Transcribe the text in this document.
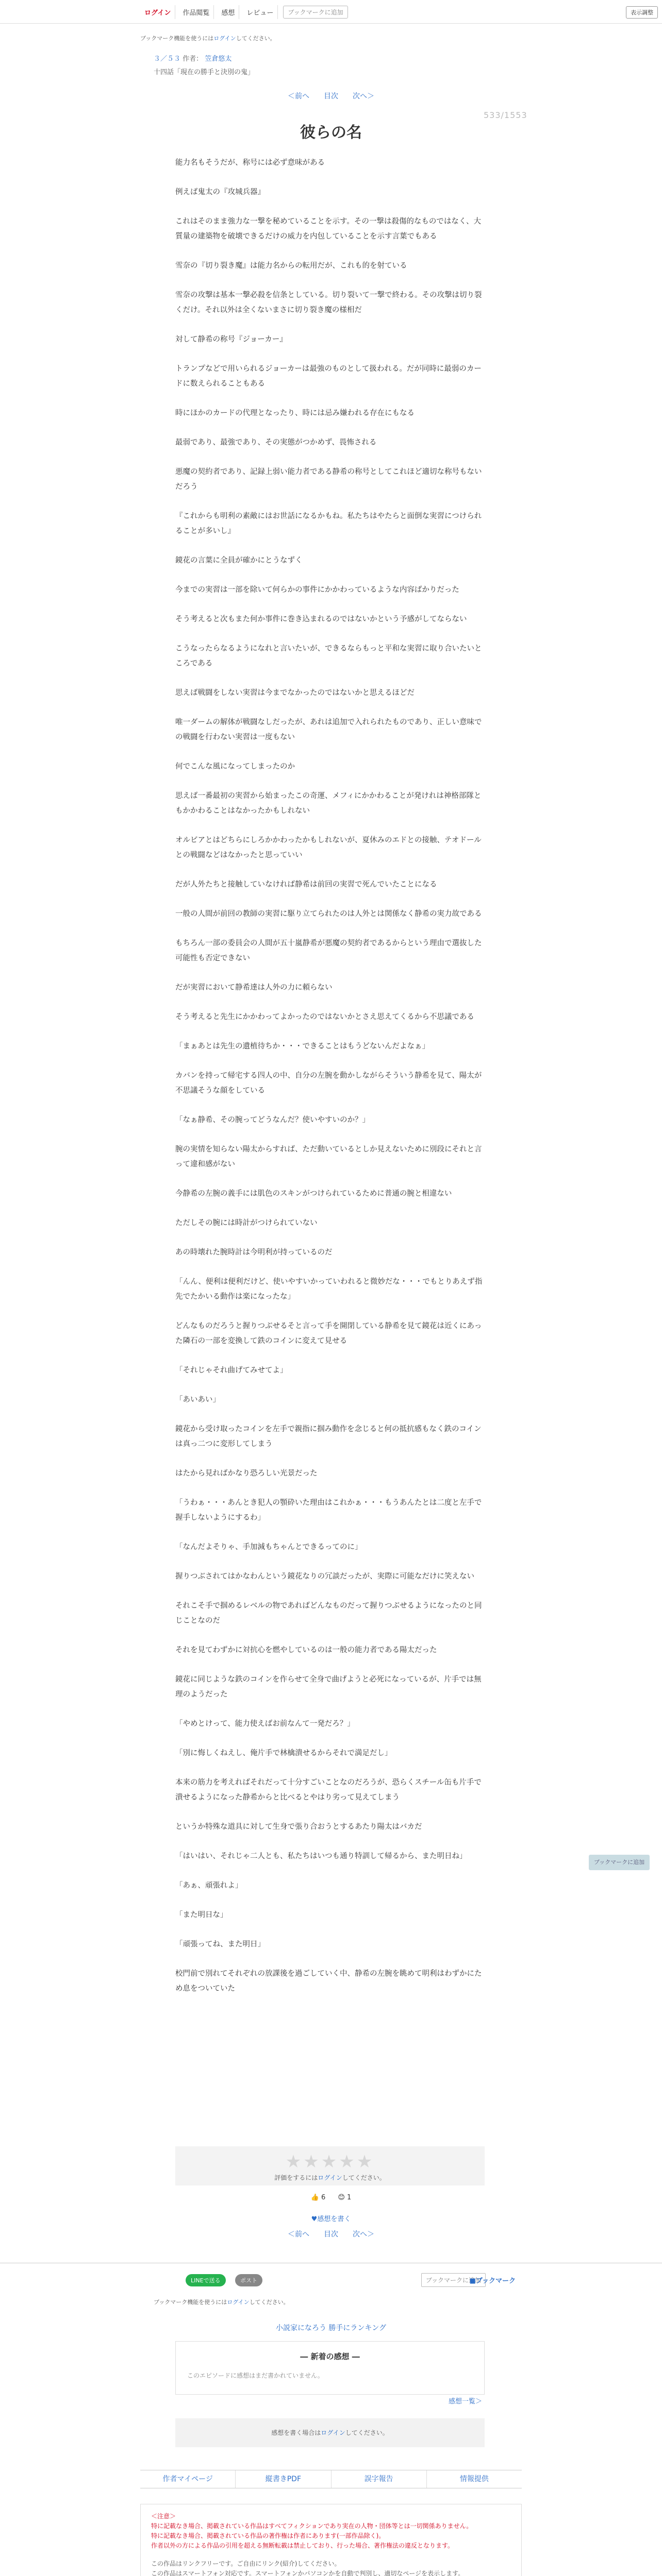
ログイン	作品閲覧	感想	レビュー	ブックマークに追加	表示調整
ブックマーク機能を使うにはログインしてください。
３／５３ 作者： 笠倉悠太
十四話「現在の勝手と決別の鬼」
＜前へ 目次 次へ＞
533/1553
彼らの名

能力名もそうだが、称号には必ず意味がある

例えば鬼太の『攻城兵器』

これはそのまま強力な一撃を秘めていることを示す。その一撃は殺傷的なものではなく、大質量の建築物を破壊できるだけの威力を内包していることを示す言葉でもある

雪奈の『切り裂き魔』は能力名からの転用だが、これも的を射ている

雪奈の攻撃は基本一撃必殺を信条としている。切り裂いて一撃で終わる。その攻撃は切り裂くだけ。それ以外は全くないまさに切り裂き魔の様相だ

対して静希の称号『ジョーカー』

トランプなどで用いられるジョーカーは最強のものとして扱われる。だが同時に最弱のカードに数えられることもある

時にほかのカードの代理となったり、時には忌み嫌われる存在にもなる

最弱であり、最強であり、その実態がつかめず、畏怖される

悪魔の契約者であり、記録上弱い能力者である静希の称号としてこれほど適切な称号もないだろう

『これからも明利の素敵にはお世話になるかもね。私たちはやたらと面倒な実習につけられることが多いし』

鏡花の言葉に全員が確かにとうなずく

今までの実習は一部を除いて何らかの事件にかかわっているような内容ばかりだった

そう考えると次もまた何か事件に巻き込まれるのではないかという予感がしてならない

こうなったらなるようになれと言いたいが、できるならもっと平和な実習に取り合いたいところである

思えば戦闘をしない実習は今までなかったのではないかと思えるほどだ

唯一ダームの解体が戦闘なしだったが、あれは追加で入れられたものであり、正しい意味での戦闘を行わない実習は一度もない

何でこんな風になってしまったのか

思えば一番最初の実習から始まったこの奇運、メフィにかかわることが発けれは神格部隊ともかかわることはなかったかもしれない

オルビアとはどちらにしろかかわったかもしれないが、夏休みのエドとの接触、テオドールとの戦闘などはなかったと思っていい

だが人外たちと接触していなければ静希は前回の実習で死んでいたことになる

一般の人間が前回の教師の実習に駆り立てられたのは人外とは関係なく静希の実力故である

もちろん一部の委員会の人間が五十嵐静希が悪魔の契約者であるからという理由で選抜した可能性も否定できない

だが実習において静希達は人外の力に頼らない

そう考えると先生にかかわってよかったのではないかとさえ思えてくるから不思議である

「まぁあとは先生の遺植待ちか・・・できることはもうどないんだよなぁ」

カバンを持って帰宅する四人の中、自分の左腕を動かしながらそういう静希を見て、陽太が不思議そうな顔をしている

「なぁ静希、その腕ってどうなんだ？使いやすいのか？」

腕の実情を知らない陽太からすれば、ただ動いているとしか見えないために別段にそれと言って違和感がない

今静希の左腕の義手には肌色のスキンがつけられているために普通の腕と相違ない

ただしその腕には時計がつけられていない

あの時壊れた腕時計は今明利が持っているのだ

「んん、便利は便利だけど、使いやすいかっていわれると微妙だな・・・でもとりあえず指先でたかいる動作は楽になったな」

どんなものだろうと握りつぶせるそと言って手を開閉している静希を見て鏡花は近くにあった隣石の一部を変換して鉄のコインに変えて見せる

「それじゃそれ曲げてみせてよ」

「あいあい」

鏡花から受け取ったコインを左手で親指に掴み動作を念じると何の抵抗感もなく鉄のコインは真っ二つに変形してしまう

はたから見ればかなり恐ろしい光景だった

「うわぁ・・・あんとき犯人の顎砕いた理由はこれかぁ・・・もうあんたとは二度と左手で握手しないようにするわ」

「なんだよそりゃ、手加減もちゃんとできるってのに」

握りつぶされてはかなわんという鏡花なりの冗談だったが、実際に可能なだけに笑えない

それこそ手で掴めるレベルの物であればどんなものだって握りつぶせるようになったのと同じことなのだ

それを見てわずかに対抗心を燃やしているのは一般の能力者である陽太だった

鏡花に同じような鉄のコインを作らせて全身で曲げようと必死になっているが、片手では無理のようだった

「やめとけって、能力使えばお前なんて一発だろ？」

「別に悔しくねえし、俺片手で林檎潰せるからそれで満足だし」

本来の筋力を考えればそれだって十分すごいことなのだろうが、恐らくスチール缶も片手で潰せるようになった静希からと比べるとやはり劣って見えてしまう

というか特殊な道具に対して生身で張り合おうとするあたり陽太はバカだ

「はいはい、それじゃ二人とも、私たちはいつも通り特訓して帰るから、また明日ね」

「あぁ、頑張れよ」

「また明日な」

「頑張ってね、また明日」

校門前で別れてそれぞれの放課後を過ごしていく中、静希の左腕を眺めて明利はわずかにため息をついていた

ブックマークに追加
★★★★★
評価をするにはログインしてください。
👍 6 😊 1
♥感想を書く
＜前へ 目次 次へ＞
LINEで送る	ポスト	ブックマークに追加
■ブックマーク
ブックマーク機能を使うにはログインしてください。
小説家になろう 勝手にランキング
― 新着の感想 ―

このエピソードに感想はまだ書かれていません。

感想一覧＞
感想を書く場合はログインしてください。
作者マイページ	縦書きPDF	誤字報告	情報提供
＜注意＞
特に記載なき場合、掲載されている作品はすべてフィクションであり実在の人物・団体等とは一切関係ありません。
特に記載なき場合、掲載されている作品の著作権は作者にあります(一部作品除く)。
作者以外の方による作品の引用を超える無断転載は禁止しており、行った場合、著作権法の違反となります。
この作品はリンクフリーです。ご自由にリンク(紹介)してください。
この作品はスマートフォン対応です。スマートフォンかパソコンかを自動で判別し、適切なページを表示します。
